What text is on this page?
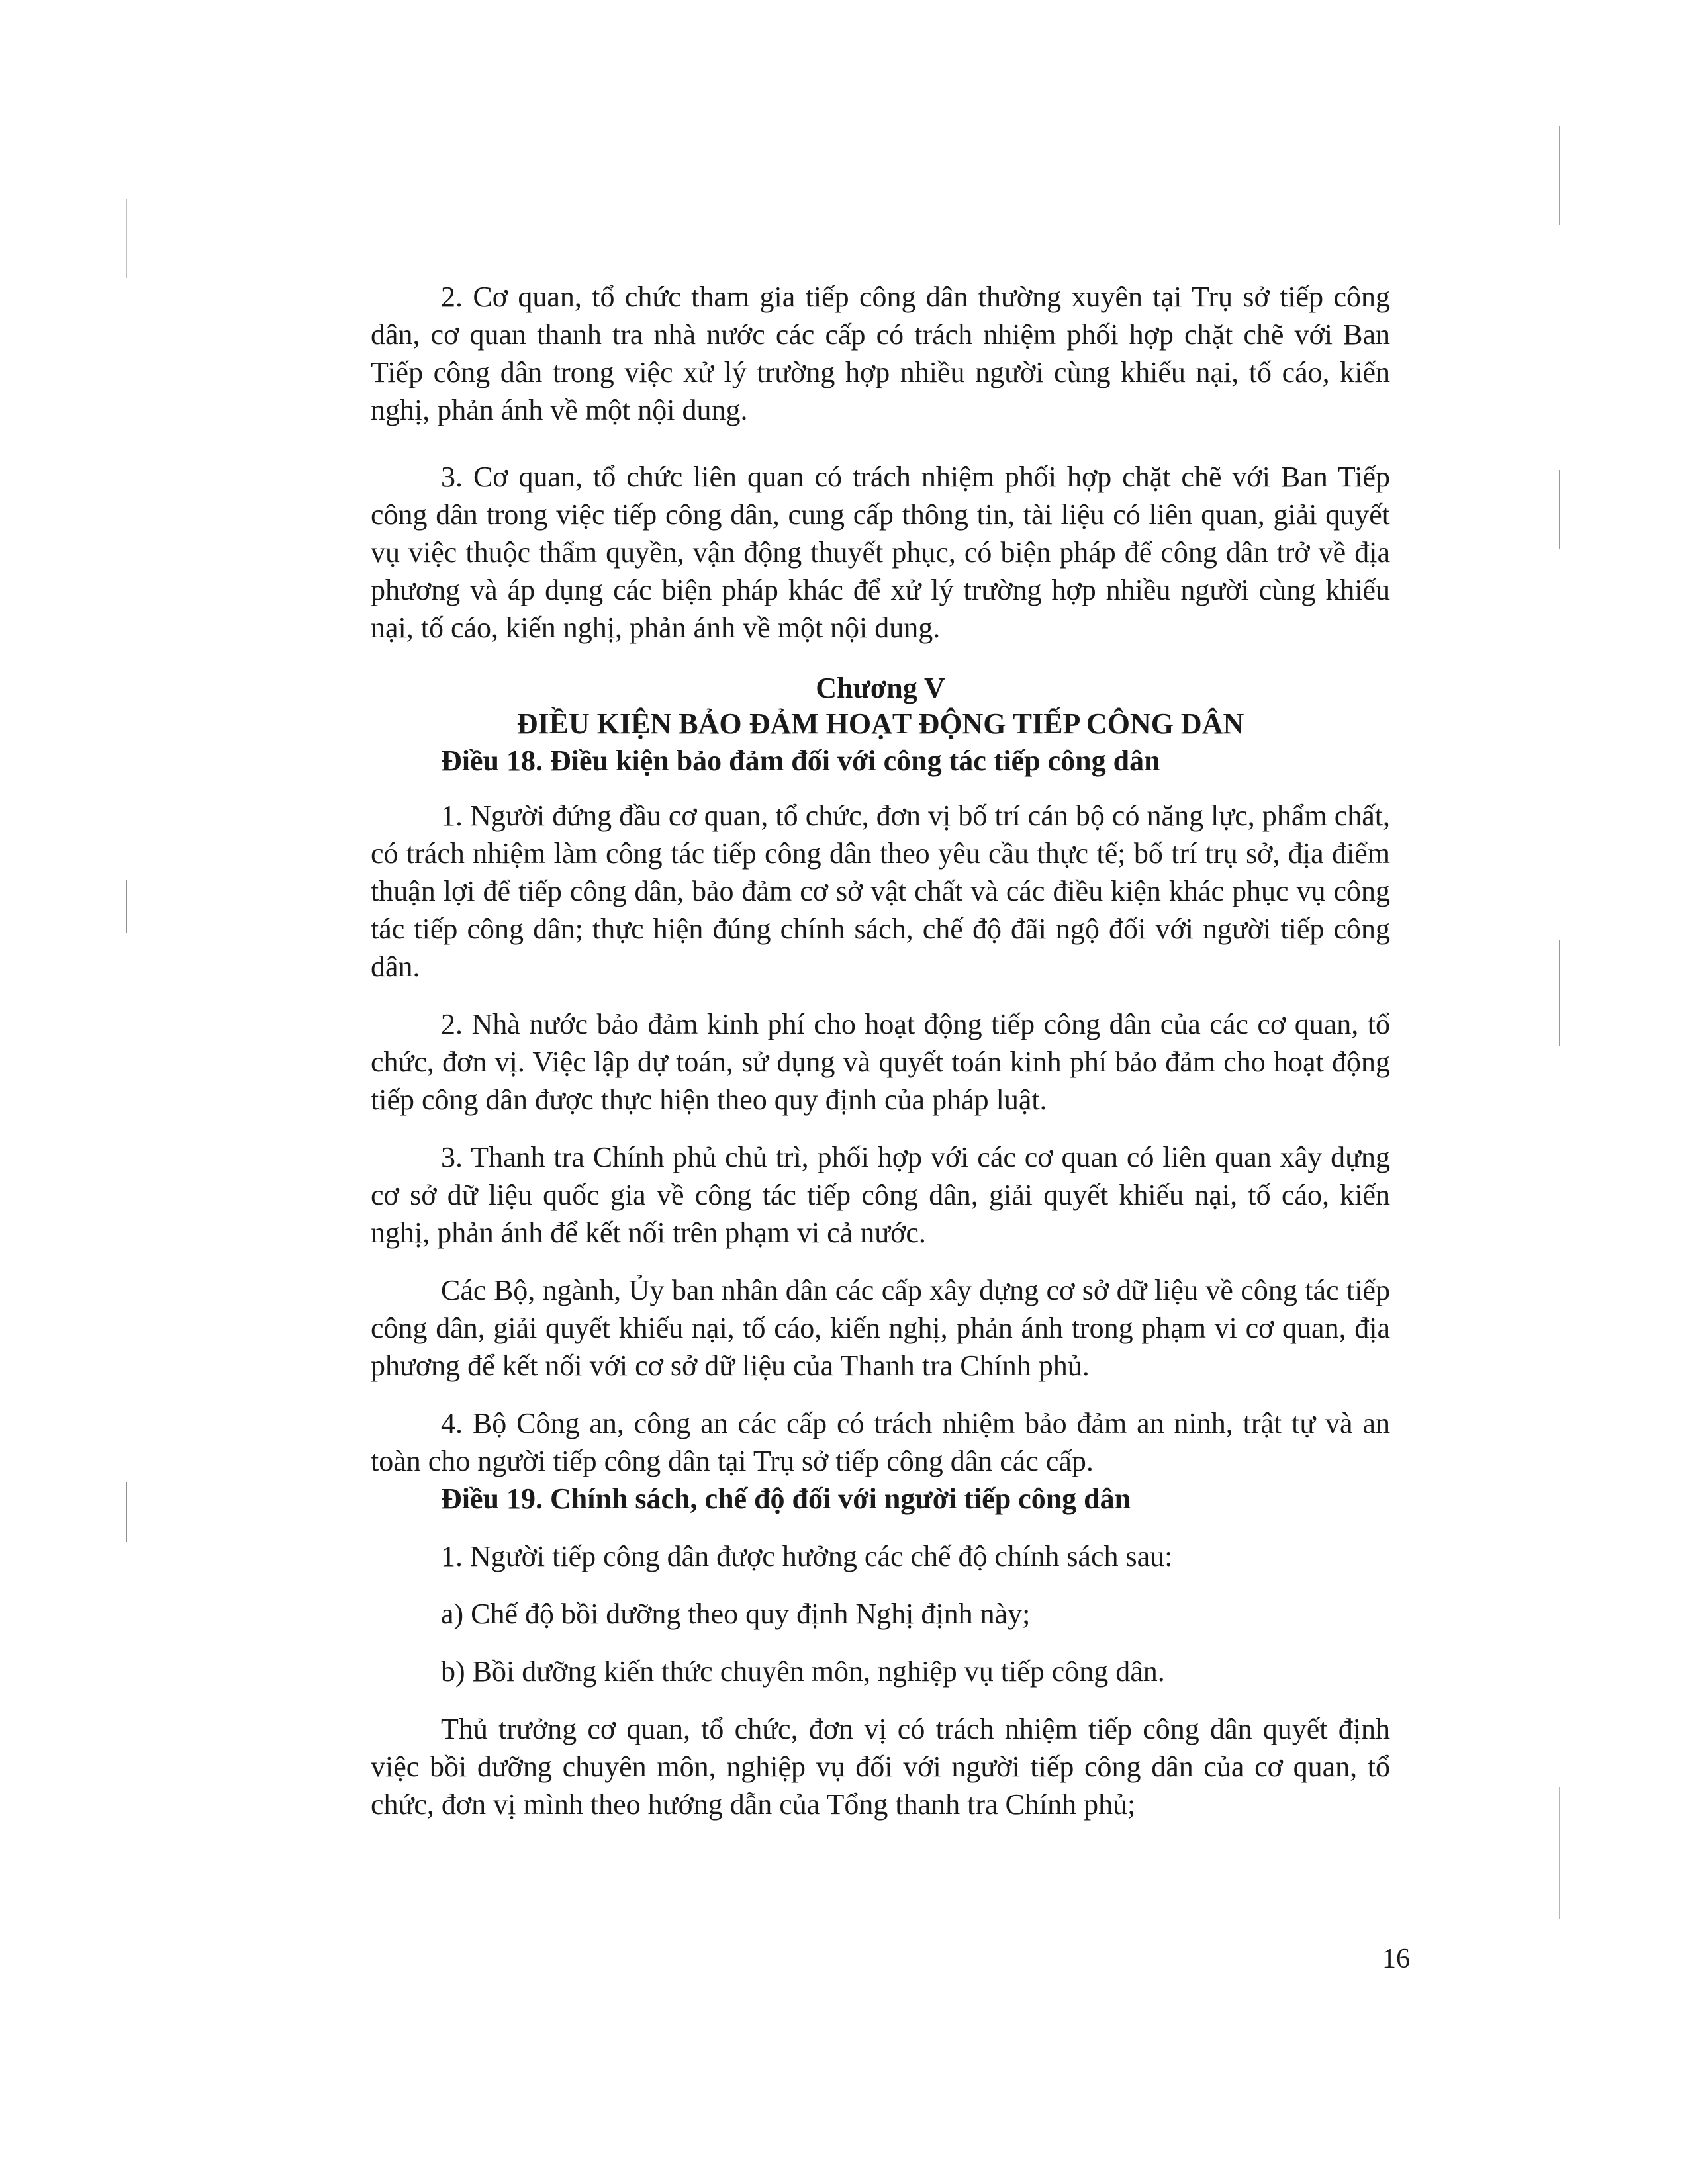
2. Cơ quan, tổ chức tham gia tiếp công dân thường xuyên tại Trụ sở tiếp công dân, cơ quan thanh tra nhà nước các cấp có trách nhiệm phối hợp chặt chẽ với Ban Tiếp công dân trong việc xử lý trường hợp nhiều người cùng khiếu nại, tố cáo, kiến nghị, phản ánh về một nội dung.

3. Cơ quan, tổ chức liên quan có trách nhiệm phối hợp chặt chẽ với Ban Tiếp công dân trong việc tiếp công dân, cung cấp thông tin, tài liệu có liên quan, giải quyết vụ việc thuộc thẩm quyền, vận động thuyết phục, có biện pháp để công dân trở về địa phương và áp dụng các biện pháp khác để xử lý trường hợp nhiều người cùng khiếu nại, tố cáo, kiến nghị, phản ánh về một nội dung.

Chương V

ĐIỀU KIỆN BẢO ĐẢM HOẠT ĐỘNG TIẾP CÔNG DÂN

Điều 18. Điều kiện bảo đảm đối với công tác tiếp công dân

1. Người đứng đầu cơ quan, tổ chức, đơn vị bố trí cán bộ có năng lực, phẩm chất, có trách nhiệm làm công tác tiếp công dân theo yêu cầu thực tế; bố trí trụ sở, địa điểm thuận lợi để tiếp công dân, bảo đảm cơ sở vật chất và các điều kiện khác phục vụ công tác tiếp công dân; thực hiện đúng chính sách, chế độ đãi ngộ đối với người tiếp công dân.

2. Nhà nước bảo đảm kinh phí cho hoạt động tiếp công dân của các cơ quan, tổ chức, đơn vị. Việc lập dự toán, sử dụng và quyết toán kinh phí bảo đảm cho hoạt động tiếp công dân được thực hiện theo quy định của pháp luật.

3. Thanh tra Chính phủ chủ trì, phối hợp với các cơ quan có liên quan xây dựng cơ sở dữ liệu quốc gia về công tác tiếp công dân, giải quyết khiếu nại, tố cáo, kiến nghị, phản ánh để kết nối trên phạm vi cả nước.

Các Bộ, ngành, Ủy ban nhân dân các cấp xây dựng cơ sở dữ liệu về công tác tiếp công dân, giải quyết khiếu nại, tố cáo, kiến nghị, phản ánh trong phạm vi cơ quan, địa phương để kết nối với cơ sở dữ liệu của Thanh tra Chính phủ.

4. Bộ Công an, công an các cấp có trách nhiệm bảo đảm an ninh, trật tự và an toàn cho người tiếp công dân tại Trụ sở tiếp công dân các cấp.

Điều 19. Chính sách, chế độ đối với người tiếp công dân

1. Người tiếp công dân được hưởng các chế độ chính sách sau:

a) Chế độ bồi dưỡng theo quy định Nghị định này;

b) Bồi dưỡng kiến thức chuyên môn, nghiệp vụ tiếp công dân.

Thủ trưởng cơ quan, tổ chức, đơn vị có trách nhiệm tiếp công dân quyết định việc bồi dưỡng chuyên môn, nghiệp vụ đối với người tiếp công dân của cơ quan, tổ chức, đơn vị mình theo hướng dẫn của Tổng thanh tra Chính phủ;

16
